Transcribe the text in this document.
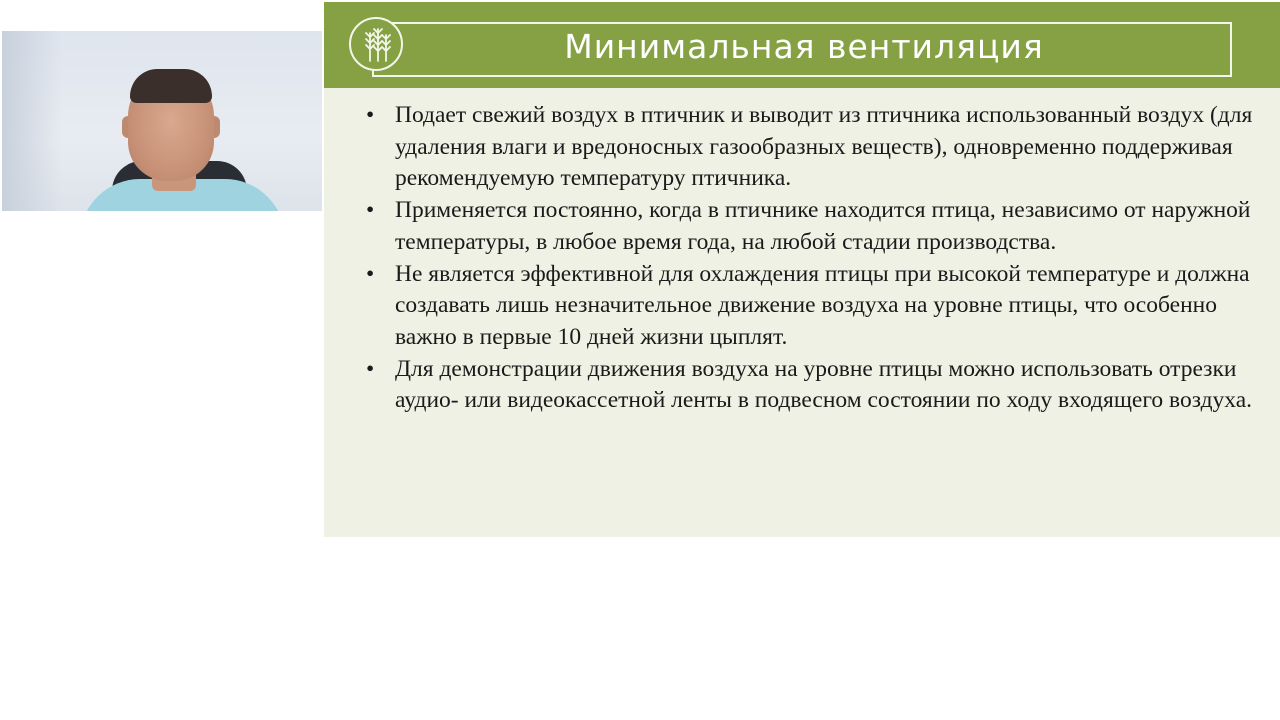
Минимальная вентиляция
• Подает свежий воздух в птичник и выводит из птичника использованный воздух (для удаления влаги и вредоносных газообразных веществ), одновременно поддерживая рекомендуемую температуру птичника.
• Применяется постоянно, когда в птичнике находится птица, независимо от наружной температуры, в любое время года, на любой стадии производства.
• Не является эффективной для охлаждения птицы при высокой температуре и должна создавать лишь незначительное движение воздуха на уровне птицы, что особенно важно в первые 10 дней жизни цыплят.
• Для демонстрации движения воздуха на уровне птицы можно использовать отрезки аудио- или видеокассетной ленты в подвесном состоянии по ходу входящего воздуха.
